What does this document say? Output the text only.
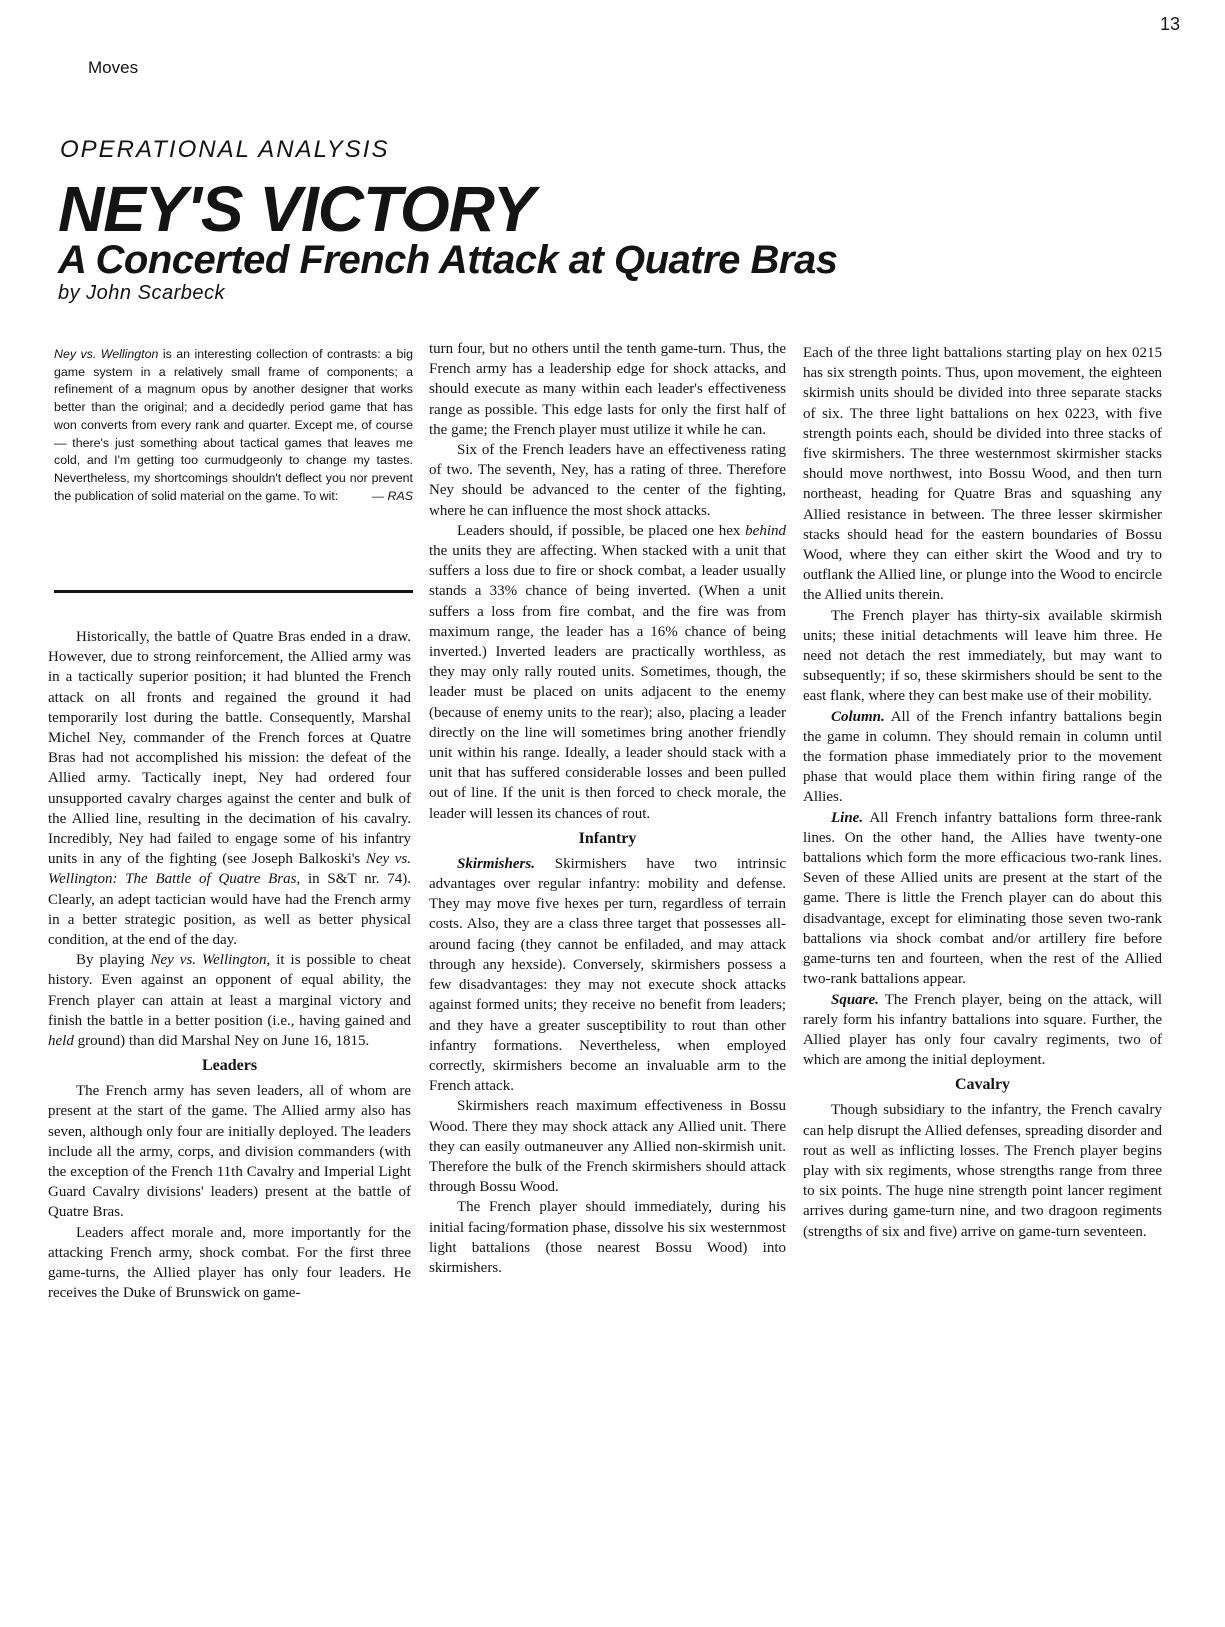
13
Moves
OPERATIONAL ANALYSIS
NEY'S VICTORY
A Concerted French Attack at Quatre Bras
by John Scarbeck
Ney vs. Wellington is an interesting collection of contrasts: a big game system in a relatively small frame of components; a refinement of a magnum opus by another designer that works better than the original; and a decidedly period game that has won converts from every rank and quarter. Except me, of course — there's just something about tactical games that leaves me cold, and I'm getting too curmudgeonly to change my tastes. Nevertheless, my shortcomings shouldn't deflect you nor prevent the publication of solid material on the game. To wit:	— RAS

Historically, the battle of Quatre Bras ended in a draw. However, due to strong reinforcement, the Allied army was in a tactically superior position; it had blunted the French attack on all fronts and regained the ground it had temporarily lost during the battle. Consequently, Marshal Michel Ney, commander of the French forces at Quatre Bras had not accomplished his mission: the defeat of the Allied army. Tactically inept, Ney had ordered four unsupported cavalry charges against the center and bulk of the Allied line, resulting in the decimation of his cavalry. Incredibly, Ney had failed to engage some of his infantry units in any of the fighting (see Joseph Balkoski's Ney vs. Wellington: The Battle of Quatre Bras, in S&T nr. 74). Clearly, an adept tactician would have had the French army in a better strategic position, as well as better physical condition, at the end of the day.

By playing Ney vs. Wellington, it is possible to cheat history. Even against an opponent of equal ability, the French player can attain at least a marginal victory and finish the battle in a better position (i.e., having gained and held ground) than did Marshal Ney on June 16, 1815.

Leaders

The French army has seven leaders, all of whom are present at the start of the game. The Allied army also has seven, although only four are initially deployed. The leaders include all the army, corps, and division commanders (with the exception of the French 11th Cavalry and Imperial Light Guard Cavalry divisions' leaders) present at the battle of Quatre Bras.

Leaders affect morale and, more importantly for the attacking French army, shock combat. For the first three game-turns, the Allied player has only four leaders. He receives the Duke of Brunswick on game-

turn four, but no others until the tenth game-turn. Thus, the French army has a leadership edge for shock attacks, and should execute as many within each leader's effectiveness range as possible. This edge lasts for only the first half of the game; the French player must utilize it while he can.

Six of the French leaders have an effectiveness rating of two. The seventh, Ney, has a rating of three. Therefore Ney should be advanced to the center of the fighting, where he can influence the most shock attacks.

Leaders should, if possible, be placed one hex behind the units they are affecting. When stacked with a unit that suffers a loss due to fire or shock combat, a leader usually stands a 33% chance of being inverted. (When a unit suffers a loss from fire combat, and the fire was from maximum range, the leader has a 16% chance of being inverted.) Inverted leaders are practically worthless, as they may only rally routed units. Sometimes, though, the leader must be placed on units adjacent to the enemy (because of enemy units to the rear); also, placing a leader directly on the line will sometimes bring another friendly unit within his range. Ideally, a leader should stack with a unit that has suffered considerable losses and been pulled out of line. If the unit is then forced to check morale, the leader will lessen its chances of rout.

Infantry

Skirmishers. Skirmishers have two intrinsic advantages over regular infantry: mobility and defense. They may move five hexes per turn, regardless of terrain costs. Also, they are a class three target that possesses all-around facing (they cannot be enfiladed, and may attack through any hexside). Conversely, skirmishers possess a few disadvantages: they may not execute shock attacks against formed units; they receive no benefit from leaders; and they have a greater susceptibility to rout than other infantry formations. Nevertheless, when employed correctly, skirmishers become an invaluable arm to the French attack.

Skirmishers reach maximum effectiveness in Bossu Wood. There they may shock attack any Allied unit. There they can easily outmaneuver any Allied non-skirmish unit. Therefore the bulk of the French skirmishers should attack through Bossu Wood.

The French player should immediately, during his initial facing/formation phase, dissolve his six westernmost light battalions (those nearest Bossu Wood) into skirmishers.

Each of the three light battalions starting play on hex 0215 has six strength points. Thus, upon movement, the eighteen skirmish units should be divided into three separate stacks of six. The three light battalions on hex 0223, with five strength points each, should be divided into three stacks of five skirmishers. The three westernmost skirmisher stacks should move northwest, into Bossu Wood, and then turn northeast, heading for Quatre Bras and squashing any Allied resistance in between. The three lesser skirmisher stacks should head for the eastern boundaries of Bossu Wood, where they can either skirt the Wood and try to outflank the Allied line, or plunge into the Wood to encircle the Allied units therein.

The French player has thirty-six available skirmish units; these initial detachments will leave him three. He need not detach the rest immediately, but may want to subsequently; if so, these skirmishers should be sent to the east flank, where they can best make use of their mobility.

Column. All of the French infantry battalions begin the game in column. They should remain in column until the formation phase immediately prior to the movement phase that would place them within firing range of the Allies.

Line. All French infantry battalions form three-rank lines. On the other hand, the Allies have twenty-one battalions which form the more efficacious two-rank lines. Seven of these Allied units are present at the start of the game. There is little the French player can do about this disadvantage, except for eliminating those seven two-rank battalions via shock combat and/or artillery fire before game-turns ten and fourteen, when the rest of the Allied two-rank battalions appear.

Square. The French player, being on the attack, will rarely form his infantry battalions into square. Further, the Allied player has only four cavalry regiments, two of which are among the initial deployment.

Cavalry

Though subsidiary to the infantry, the French cavalry can help disrupt the Allied defenses, spreading disorder and rout as well as inflicting losses. The French player begins play with six regiments, whose strengths range from three to six points. The huge nine strength point lancer regiment arrives during game-turn nine, and two dragoon regiments (strengths of six and five) arrive on game-turn seventeen.
